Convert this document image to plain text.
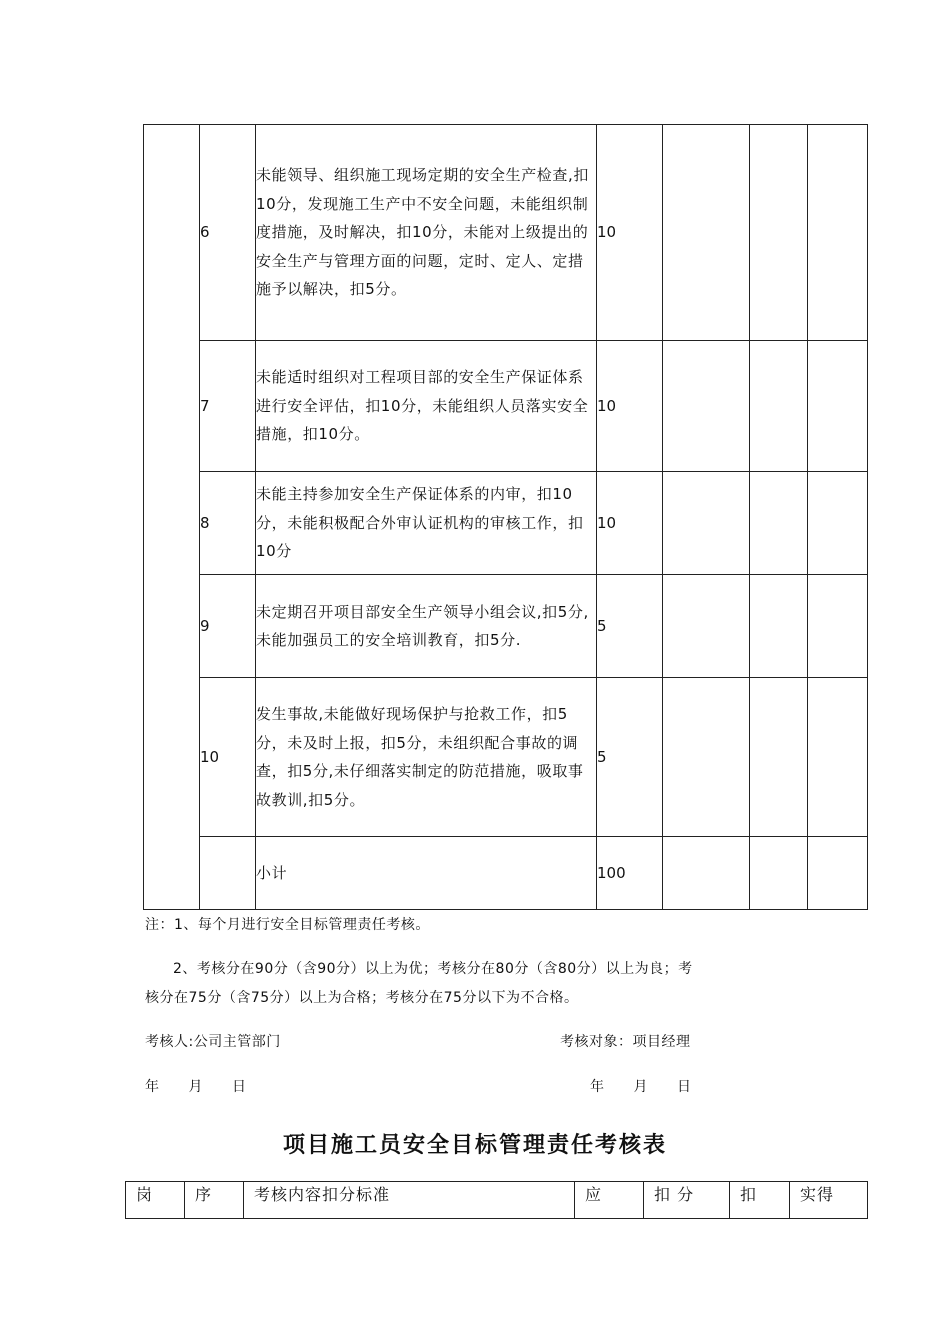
	6	未能领导、组织施工现场定期的安全生产检查,扣10分，发现施工生产中不安全问题，未能组织制度措施，及时解决，扣10分，未能对上级提出的安全生产与管理方面的问题，定时、定人、定措施予以解决，扣5分。	10			
	7	未能适时组织对工程项目部的安全生产保证体系进行安全评估，扣10分，未能组织人员落实安全措施，扣10分。	10			
	8	未能主持参加安全生产保证体系的内审，扣10分，未能积极配合外审认证机构的审核工作，扣10分	10			
	9	未定期召开项目部安全生产领导小组会议,扣5分,未能加强员工的安全培训教育，扣5分.	5			
	10	发生事故,未能做好现场保护与抢救工作，扣5分，未及时上报，扣5分，未组织配合事故的调查，扣5分,未仔细落实制定的防范措施，吸取事故教训,扣5分。	5			
		小计	100			
注：1、每个月进行安全目标管理责任考核。
2、考核分在90分（含90分）以上为优；考核分在80分（含80分）以上为良；考
核分在75分（含75分）以上为合格；考核分在75分以下为不合格。
考核人:公司主管部门	考核对象：项目经理
年　　月　　日	年　　月　　日
项目施工员安全目标管理责任考核表
岗	序	考核内容扣分标准	应	扣 分	扣	实得
